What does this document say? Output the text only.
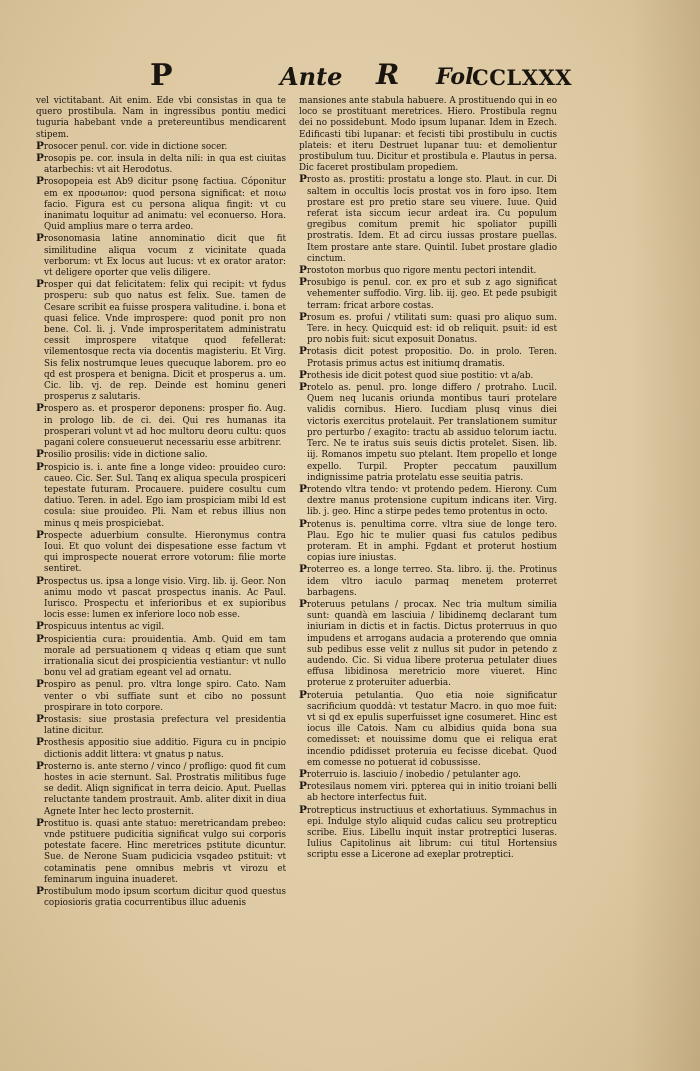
P	Ante R Fol.
CCLXXX

vel victitabant. Ait enim. Ede vbi consistas in qua te quero prostibula. Nam in ingressibus pontiu medici tuguria habebant vnde a pretereuntibus mendicarent stipem.

Prosocer penul. cor. vide in dictione socer.

Prosopis pe. cor. insula in delta nili: in qua est ciuitas atarbechis: vt ait Herodotus.

Prosopopeia est Ab9 dicitur psonę factiua. Cóponitur em ex προσωπον: quod persona significat: et ποιω facio. Figura est cu persona aliqua fingit: vt cu inanimatu loquitur ad animatu: vel econuerso. Hora. Quid amplius mare o terra ardeo.

Prosonomasia latine annominatio dicit que fit similitudine aliqua vocum z vicinitate quada verborum: vt Ex locus aut lucus: vt ex orator arator: vt deligere oporter que velis diligere.

Prosper qui dat felicitatem: felix qui recipit: vt fydus prosperu: sub quo natus est felix. Sue. tamen de Cesare scribit ea fuisse prospera valitudine. i. bona et quasi felice. Vnde improspere: quod ponit pro non bene. Col. li. j. Vnde improsperitatem administratu cessit improspere vitatque quod fefellerat: vilementosque recta via docentis magisteriu. Et Virg. Sis felix nostrumque leues quecuque laborem. pro eo qd est prospera et benigna. Dicit et prosperus a. um. Cic. lib. vj. de rep. Deinde est hominu generi prosperus z salutaris.

Prospero as. et prosperor deponens: prosper fio. Aug. in prologo lib. de ci. dei. Qui res humanas ita prosperari volunt vt ad hoc multoru deoru cultu: quos pagani colere consueuerut necessariu esse arbitrenr.

Prosilio prosilis: vide in dictione salio.

Prospicio is. i. ante fine a longe video: prouideo curo: caueo. Cic. Ser. Sul. Tanq ex aliqua specula prospiceri tepestate futuram. Procauere. puidere cosultu cum datiuo. Teren. in adel. Ego iam prospiciam mibi ld est cosula: siue prouideo. Pli. Nam et rebus illius non minus q meis prospiciebat.

Prospecte aduerbium consulte. Hieronymus contra Ioui. Et quo volunt dei dispesatione esse factum vt qui improspecte nouerat errore votorum: filie morte sentiret.

Prospectus us. ipsa a longe visio. Virg. lib. ij. Geor. Non animu modo vt pascat prospectus inanis. Ac Paul. Iurisco. Prospectu et inferioribus et ex supioribus locis esse: lumen ex inferiore loco nob esse.

Prospicuus intentus ac vigil.

Prospicientia cura: prouidentia. Amb. Quid em tam morale ad persuationem q videas q etiam que sunt irrationalia sicut dei prospicientia vestiantur: vt nullo bonu vel ad gratiam egeant vel ad ornatu.

Prospiro as penul. pro. vltra longe spiro. Cato. Nam venter o vbi suffiate sunt et cibo no possunt prospirare in toto corpore.

Prostasis: siue prostasia prefectura vel presidentia latine dicitur.

Prosthesis appositio siue additio. Figura cu in pncipio dictionis addit littera: vt gnatus p natus.

Prosterno is. ante sterno / vinco / profligo: quod fit cum hostes in acie sternunt. Sal. Prostratis militibus fuge se dedit. Aliqn significat in terra deicio. Aput. Puellas reluctante tandem prostrauit. Amb. aliter dixit in diua Agnete Inter hec lecto prosternit.

Prostituo is. quasi ante statuo: meretricandam prebeo: vnde pstituere pudicitia significat vulgo sui corporis potestate facere. Hinc meretrices pstitute dicuntur. Sue. de Nerone Suam pudicicia vsqadeo pstituit: vt cotaminatis pene omnibus mebris vt virozu et feminarum inguina inuaderet.

Prostibulum modo ipsum scortum dicitur quod questus copiosioris gratia cocurrentibus illuc aduenis

mansiones ante stabula habuere. A prostituendo qui in eo loco se prostituant meretrices. Hiero. Prostibula regnu dei no possidebunt. Modo ipsum lupanar. Idem in Ezech. Edificasti tibi lupanar: et fecisti tibi prostibulu in cuctis plateis: et iteru Destruet lupanar tuu: et demolientur prostibulum tuu. Dicitur et prostibula e. Plautus in persa. Dic faceret prostibulam propediem.

Prosto as. prostiti: prostatu a longe sto. Plaut. in cur. Di saltem in occultis locis prostat vos in foro ipso. Item prostare est pro pretio stare seu viuere. Iuue. Quid referat ista siccum iecur ardeat ira. Cu populum gregibus comitum premit hic spoliator pupilli prostratis. Idem. Et ad circu iussas prostare puellas. Item prostare ante stare. Quintil. Iubet prostare gladio cinctum.

Prostoton morbus quo rigore mentu pectori intendit.

Prosubigo is penul. cor. ex pro et sub z ago significat vehementer suffodio. Virg. lib. iij. geo. Et pede psubigit terram: fricat arbore costas.

Prosum es. profui / vtilitati sum: quasi pro aliquo sum. Tere. in hecy. Quicquid est: id ob reliquit. psuit: id est pro nobis fuit: sicut exposuit Donatus.

Protasis dicit potest propositio. Do. in prolo. Teren. Protasis primus actus est initiumq dramatis.

Prothesis ide dicit potest quod siue postitio: vt a/ab.

Protelo as. penul. pro. longe differo / protraho. Lucil. Quem neq lucanis oriunda montibus tauri protelare validis cornibus. Hiero. Iucdiam plusq vinus diei victoris exercitus protelauit. Per translationem sumitur pro perturbo / exagito: tractu ab assiduo telorum iactu. Terc. Ne te iratus suis seuis dictis protelet. Sisen. lib. iij. Romanos impetu suo ptelant. Item propello et longe expello. Turpil. Propter peccatum pauxillum indignissime patria protelatu esse seuitia patris.

Protendo vltra tendo: vt protendo pedem. Hierony. Cum dextre manus protensione cupitum indicans iter. Virg. lib. j. geo. Hinc a stirpe pedes temo protentus in octo.

Protenus is. penultima corre. vltra siue de longe tero. Plau. Ego hic te mulier quasi fus catulos pedibus proteram. Et in amphi. Fgdant et proterut hostium copias iure iniustas.

Proterreo es. a longe terreo. Sta. libro. ij. the. Protinus idem vltro iaculo parmaq menetem proterret barbagens.

Proteruus petulans / procax. Nec tria multum similia sunt: quandà em lasciuia / libidinemq declarant tum iniuriam in dictis et in factis. Dictus proterruus in quo impudens et arrogans audacia a proterendo que omnia sub pedibus esse velit z nullus sit pudor in petendo z audendo. Cic. Si vidua libere proterua petulater diues effusa libidinosa meretricio more viueret. Hinc proterue z proteruiter aduerbia.

Proteruia petulantia. Quo etia noie significatur sacrificium quoddà: vt testatur Macro. in quo moe fuit: vt si qd ex epulis superfuisset igne cosumeret. Hinc est iocus ille Catois. Nam cu albidius quida bona sua comedisset: et nouissime domu que ei reliqua erat incendio pdidisset proteruia eu fecisse dicebat. Quod em comesse no potuerat id cobussisse.

Proterruio is. lasciuio / inobedio / petulanter ago.

Protesilaus nomem viri. ppterea qui in initio troiani belli ab hectore interfectus fuit.

Protrepticus instructiuus et exhortatiuus. Symmachus in epi. Indulge stylo aliquid cudas calicu seu protrepticu scribe. Eius. Libellu inquit instar protreptici luseras. Iulius Capitolinus ait librum: cui titul Hortensius scriptu esse a Licerone ad exeplar protreptici.
